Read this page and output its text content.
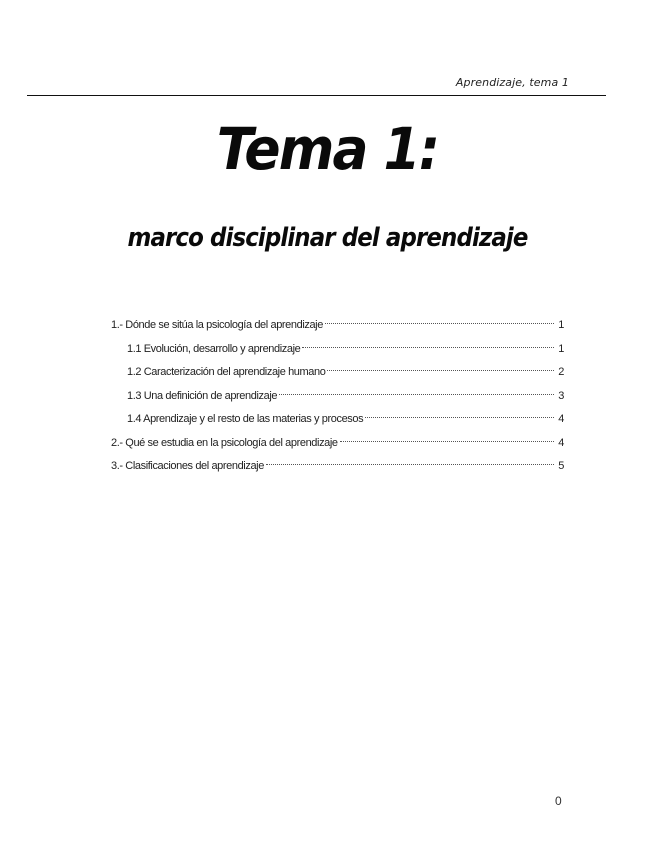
Aprendizaje, tema 1
Tema 1:
marco disciplinar del aprendizaje
1.- Dónde se sitúa la psicología del aprendizaje	1
1.1 Evolución, desarrollo y aprendizaje	1
1.2 Caracterización del aprendizaje humano	2
1.3 Una definición de aprendizaje	3
1.4 Aprendizaje y el resto de las materias y procesos	4
2.- Qué se estudia en la psicología del aprendizaje	4
3.- Clasificaciones del aprendizaje	5
0
